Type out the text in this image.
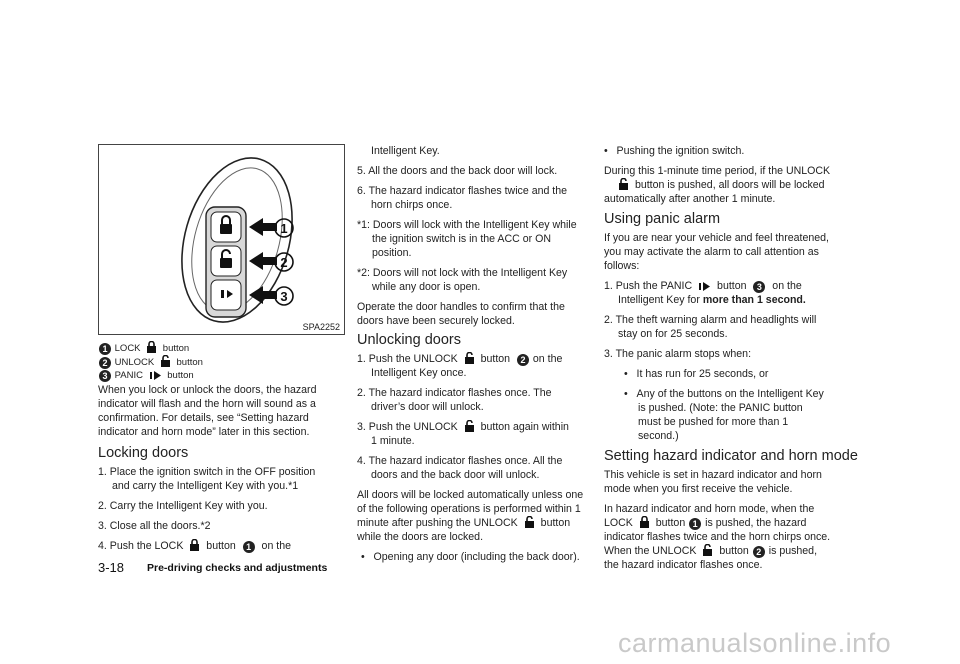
1
2
3
SPA2252
1 LOCK button
2 UNLOCK button
3 PANIC	button
When you lock or unlock the doors, the hazard
indicator will flash and the horn will sound as a
confirmation. For details, see “Setting hazard
indicator and horn mode” later in this section.
Locking doors
1. Place the ignition switch in the OFF position
and carry the Intelligent Key with you.*1
2. Carry the Intelligent Key with you.
3. Close all the doors.*2
4. Push the LOCK button 1 on the
3-18 Pre-driving checks and adjustments
Intelligent Key.
5. All the doors and the back door will lock.
6. The hazard indicator flashes twice and the
horn chirps once.
*1: Doors will lock with the Intelligent Key while
the ignition switch is in the ACC or ON
position.
*2: Doors will not lock with the Intelligent Key
while any door is open.
Operate the door handles to confirm that the
doors have been securely locked.
Unlocking doors
1. Push the UNLOCK button 2 on the
Intelligent Key once.
2. The hazard indicator flashes once. The
driver’s door will unlock.
3. Push the UNLOCK button again within
1 minute.
4. The hazard indicator flashes once. All the
doors and the back door will unlock.
All doors will be locked automatically unless one
of the following operations is performed within 1
minute after pushing the UNLOCK button
while the doors are locked.
•   Opening any door (including the back door).
•   Pushing the ignition switch.
During this 1-minute time period, if the UNLOCK
button is pushed, all doors will be locked
automatically after another 1 minute.
Using panic alarm
If you are near your vehicle and feel threatened,
you may activate the alarm to call attention as
follows:
1. Push the PANIC button 3 on the
Intelligent Key for more than 1 second.
2. The theft warning alarm and headlights will
stay on for 25 seconds.
3. The panic alarm stops when:
•   It has run for 25 seconds, or
•   Any of the buttons on the Intelligent Key
is pushed. (Note: the PANIC button
must be pushed for more than 1
second.)
Setting hazard indicator and horn mode
This vehicle is set in hazard indicator and horn
mode when you first receive the vehicle.
In hazard indicator and horn mode, when the
LOCK button 1 is pushed, the hazard
indicator flashes twice and the horn chirps once.
When the UNLOCK button 2 is pushed,
the hazard indicator flashes once.
carmanualsonline.info
